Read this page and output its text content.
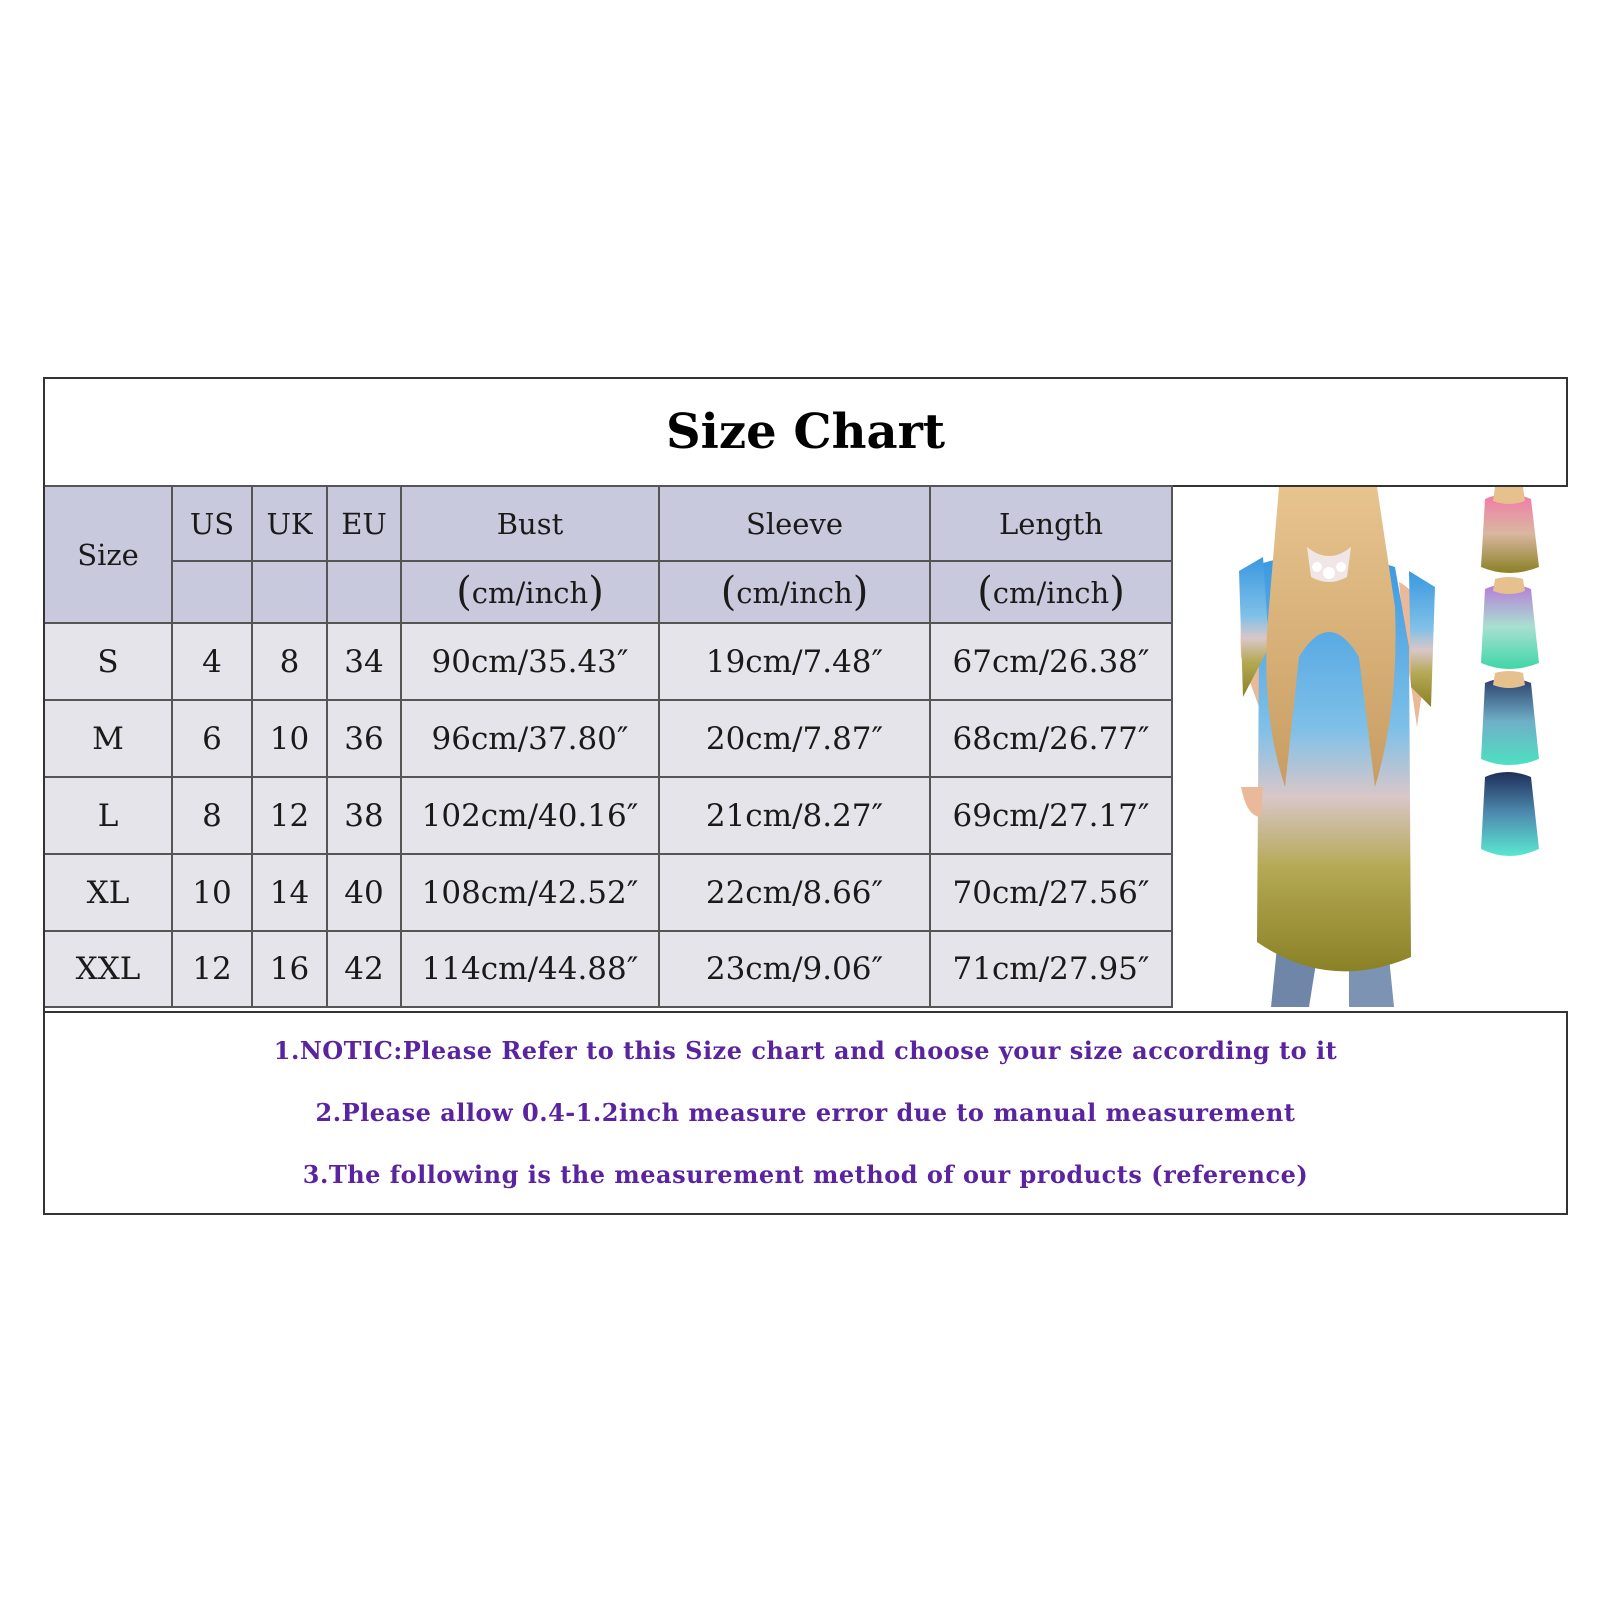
Size Chart
Size	US	UK	EU	Bust	Sleeve	Length
				(cm/inch)	(cm/inch)	(cm/inch)
S	4	8	34	90cm/35.43″	19cm/7.48″	67cm/26.38″
M	6	10	36	96cm/37.80″	20cm/7.87″	68cm/26.77″
L	8	12	38	102cm/40.16″	21cm/8.27″	69cm/27.17″
XL	10	14	40	108cm/42.52″	22cm/8.66″	70cm/27.56″
XXL	12	16	42	114cm/44.88″	23cm/9.06″	71cm/27.95″
1.NOTIC:Please Refer to this Size chart and choose your size according to it
2.Please allow 0.4-1.2inch measure error due to manual measurement
3.The following is the measurement method of our products (reference)
